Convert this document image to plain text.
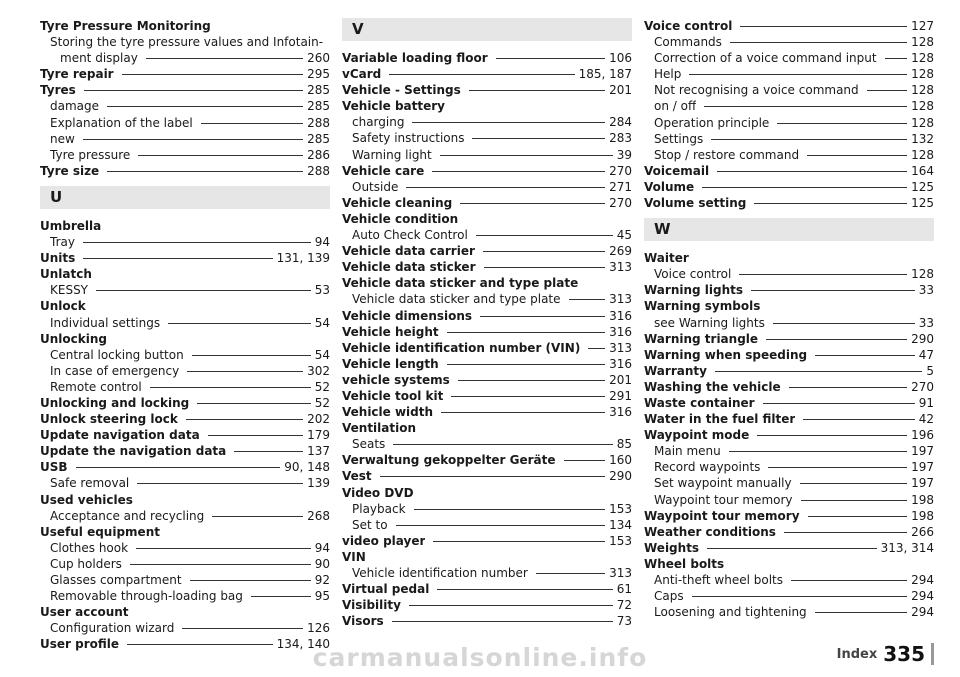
Tyre Pressure Monitoring
Storing the tyre pressure values and Infotain-
ment display	260
Tyre repair	295
Tyres	285
damage	285
Explanation of the label	288
new	285
Tyre pressure	286
Tyre size	288
U
Umbrella
Tray	94
Units	131, 139
Unlatch
KESSY	53
Unlock
Individual settings	54
Unlocking
Central locking button	54
In case of emergency	302
Remote control	52
Unlocking and locking	52
Unlock steering lock	202
Update navigation data	179
Update the navigation data	137
USB	90, 148
Safe removal	139
Used vehicles
Acceptance and recycling	268
Useful equipment
Clothes hook	94
Cup holders	90
Glasses compartment	92
Removable through-loading bag	95
User account
Configuration wizard	126
User profile	134, 140
V
Variable loading floor	106
vCard	185, 187
Vehicle - Settings	201
Vehicle battery
charging	284
Safety instructions	283
Warning light	39
Vehicle care	270
Outside	271
Vehicle cleaning	270
Vehicle condition
Auto Check Control	45
Vehicle data carrier	269
Vehicle data sticker	313
Vehicle data sticker and type plate
Vehicle data sticker and type plate	313
Vehicle dimensions	316
Vehicle height	316
Vehicle identification number (VIN) 313
Vehicle length	316
vehicle systems	201
Vehicle tool kit	291
Vehicle width	316
Ventilation
Seats	85
Verwaltung gekoppelter Geräte	160
Vest	290
Video DVD
Playback	153
Set to	134
video player	153
VIN
Vehicle identification number	313
Virtual pedal	61
Visibility	72
Visors	73
Voice control	127
Commands	128
Correction of a voice command input	128
Help	128
Not recognising a voice command	128
on / off	128
Operation principle	128
Settings	132
Stop / restore command	128
Voicemail	164
Volume	125
Volume setting	125
W
Waiter
Voice control	128
Warning lights	33
Warning symbols
see Warning lights	33
Warning triangle	290
Warning when speeding	47
Warranty	5
Washing the vehicle	270
Waste container	91
Water in the fuel filter	42
Waypoint mode	196
Main menu	197
Record waypoints	197
Set waypoint manually	197
Waypoint tour memory	198
Waypoint tour memory	198
Weather conditions	266
Weights	313, 314
Wheel bolts
Anti-theft wheel bolts	294
Caps	294
Loosening and tightening	294
carmanualsonline.info	Index 335
